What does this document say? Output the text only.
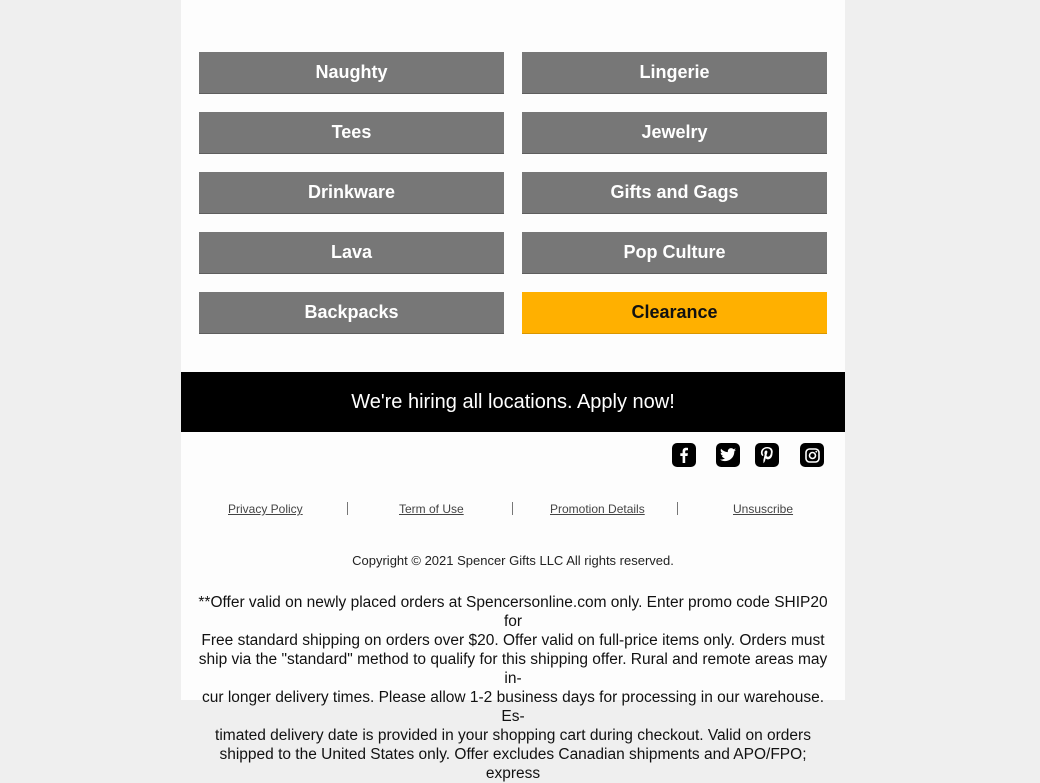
Naughty	Lingerie
Tees	Jewelry
Drinkware	Gifts and Gags
Lava	Pop Culture
Backpacks	Clearance
We're hiring all locations. Apply now!
Privacy Policy	Term of Use	Promotion Details	Unsuscribe
Copyright © 2021 Spencer Gifts LLC All rights reserved.
**Offer valid on newly placed orders at Spencersonline.com only. Enter promo code SHIP20 for
Free standard shipping on orders over $20. Offer valid on full-price items only. Orders must
ship via the "standard" method to qualify for this shipping offer. Rural and remote areas may in-
cur longer delivery times. Please allow 1-2 business days for processing in our warehouse. Es-
timated delivery date is provided in your shopping cart during checkout. Valid on orders
shipped to the United States only. Offer excludes Canadian shipments and APO/FPO; express
